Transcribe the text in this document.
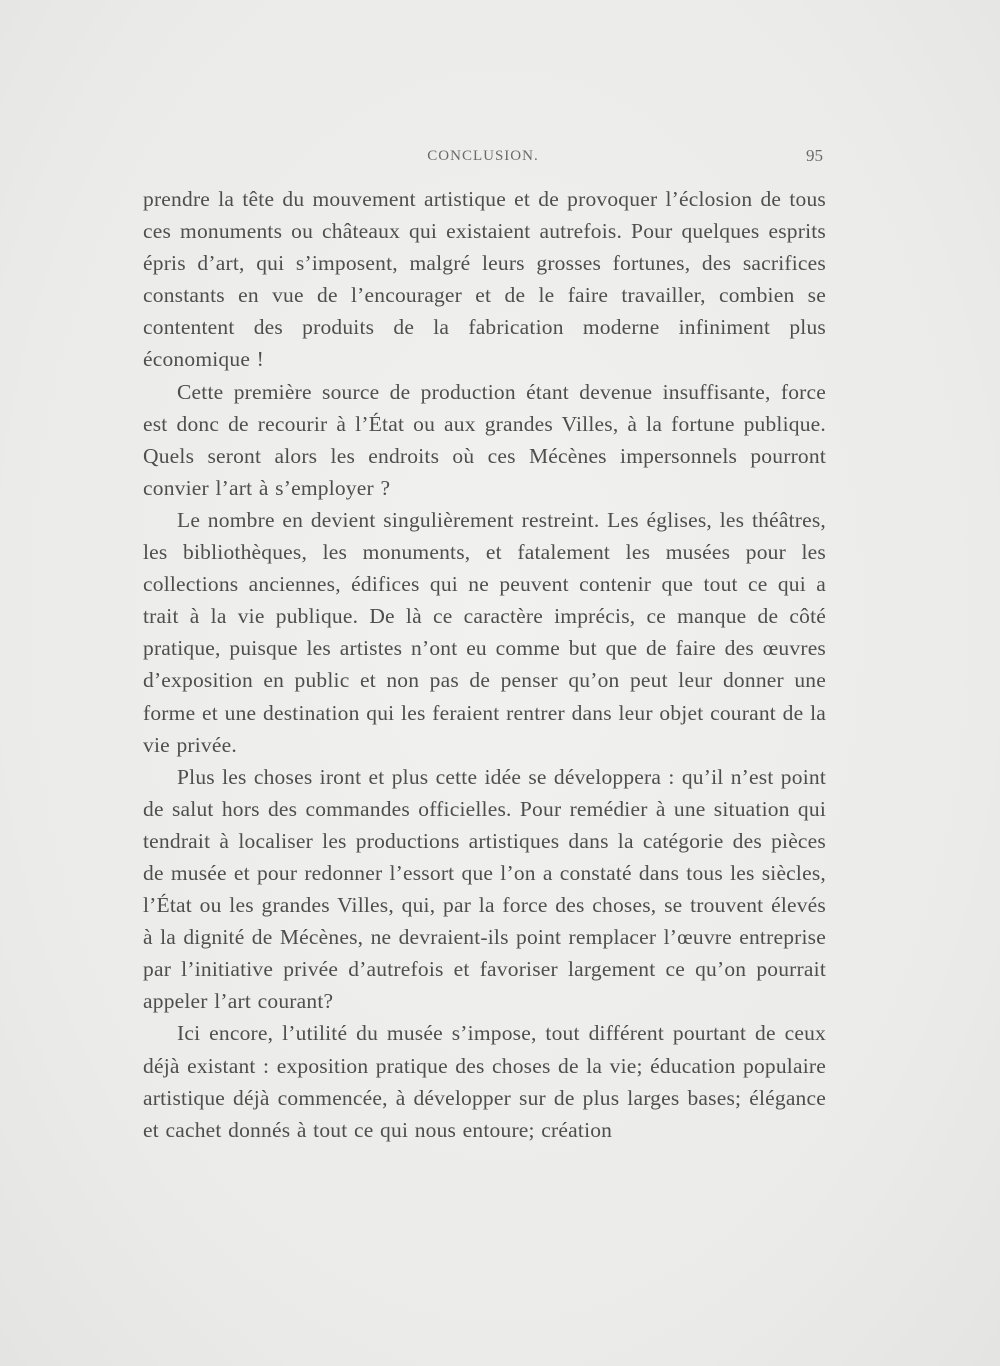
CONCLUSION.	95

prendre la tête du mouvement artistique et de provoquer l’éclosion de tous ces monuments ou châteaux qui existaient autrefois. Pour quelques esprits épris d’art, qui s’imposent, malgré leurs grosses fortunes, des sacrifices constants en vue de l’encourager et de le faire travailler, combien se contentent des produits de la fabrication moderne infiniment plus économique !

Cette première source de production étant devenue insuffisante, force est donc de recourir à l’État ou aux grandes Villes, à la fortune publique. Quels seront alors les endroits où ces Mécènes impersonnels pourront convier l’art à s’employer ?

Le nombre en devient singulièrement restreint. Les églises, les théâtres, les bibliothèques, les monuments, et fatalement les musées pour les collections anciennes, édifices qui ne peuvent contenir que tout ce qui a trait à la vie publique. De là ce caractère imprécis, ce manque de côté pratique, puisque les artistes n’ont eu comme but que de faire des œuvres d’exposition en public et non pas de penser qu’on peut leur donner une forme et une destination qui les feraient rentrer dans leur objet courant de la vie privée.

Plus les choses iront et plus cette idée se développera : qu’il n’est point de salut hors des commandes officielles. Pour remédier à une situation qui tendrait à localiser les productions artistiques dans la catégorie des pièces de musée et pour redonner l’essort que l’on a constaté dans tous les siècles, l’État ou les grandes Villes, qui, par la force des choses, se trouvent élevés à la dignité de Mécènes, ne devraient-ils point remplacer l’œuvre entreprise par l’initiative privée d’autrefois et favoriser largement ce qu’on pourrait appeler l’art courant?

Ici encore, l’utilité du musée s’impose, tout différent pourtant de ceux déjà existant : exposition pratique des choses de la vie; éducation populaire artistique déjà commencée, à développer sur de plus larges bases; élégance et cachet donnés à tout ce qui nous entoure; création
